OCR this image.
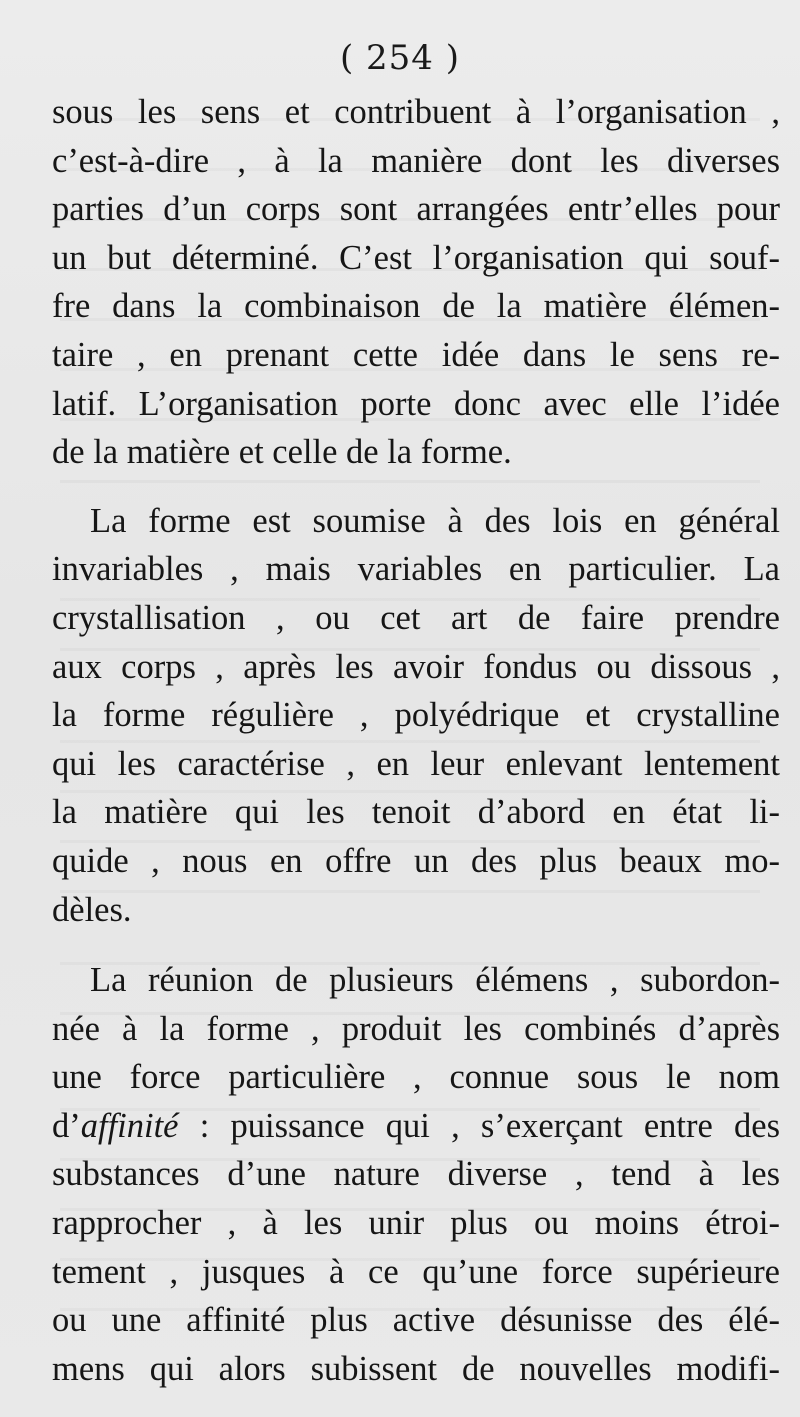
( 254 )
sous les sens et contribuent à l’organisation ,
c’est-à-dire , à la manière dont les diverses
parties d’un corps sont arrangées entr’elles pour
un but déterminé. C’est l’organisation qui souf-
fre dans la combinaison de la matière élémen-
taire , en prenant cette idée dans le sens re-
latif. L’organisation porte donc avec elle l’idée
de la matière et celle de la forme.
La forme est soumise à des lois en général
invariables , mais variables en particulier. La
crystallisation , ou cet art de faire prendre
aux corps , après les avoir fondus ou dissous ,
la forme régulière , polyédrique et crystalline
qui les caractérise , en leur enlevant lentement
la matière qui les tenoit d’abord en état li-
quide , nous en offre un des plus beaux mo-
dèles.
La réunion de plusieurs élémens , subordon-
née à la forme , produit les combinés d’après
une force particulière , connue sous le nom
d’affinité : puissance qui , s’exerçant entre des
substances d’une nature diverse , tend à les
rapprocher , à les unir plus ou moins étroi-
tement , jusques à ce qu’une force supérieure
ou une affinité plus active désunisse des élé-
mens qui alors subissent de nouvelles modifi-
